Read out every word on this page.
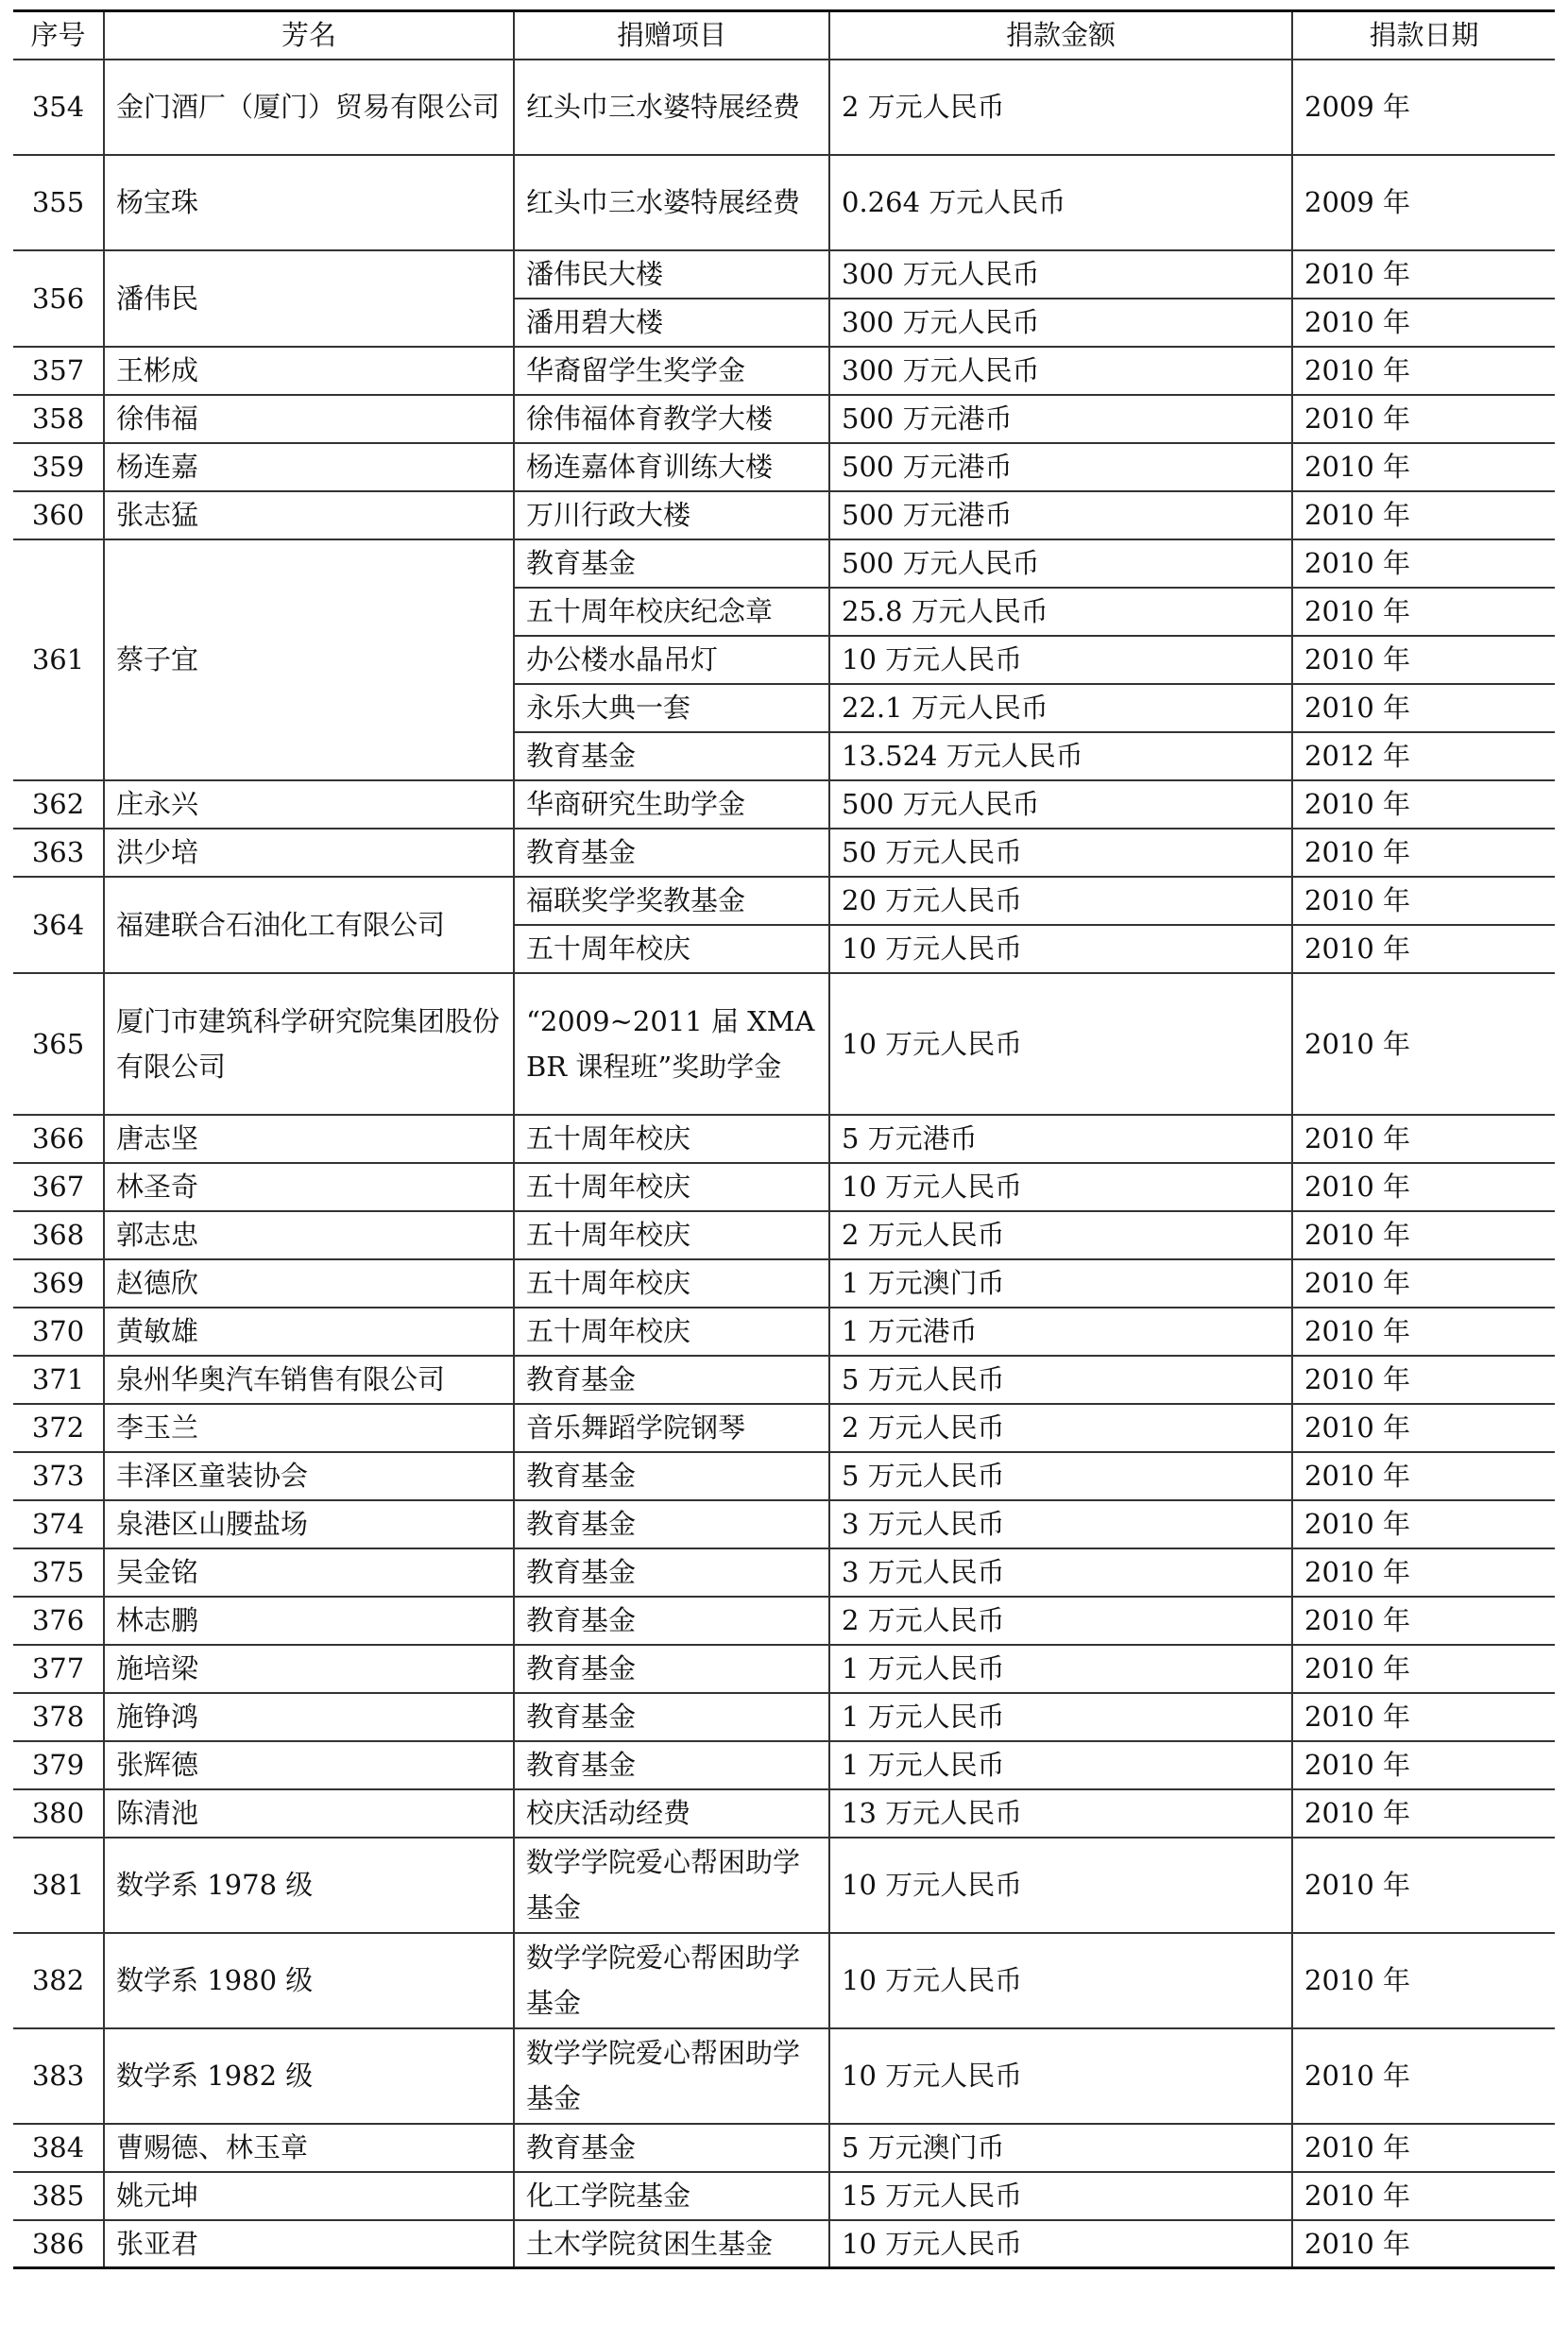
序号	芳名	捐赠项目	捐款金额	捐款日期
354	金门酒厂（厦门）贸易有限公司	红头巾三水婆特展经费	2 万元人民币	2009 年
355	杨宝珠	红头巾三水婆特展经费	0.264 万元人民币	2009 年
356	潘伟民	潘伟民大楼	300 万元人民币	2010 年
		潘用碧大楼	300 万元人民币	2010 年
357	王彬成	华裔留学生奖学金	300 万元人民币	2010 年
358	徐伟福	徐伟福体育教学大楼	500 万元港币	2010 年
359	杨连嘉	杨连嘉体育训练大楼	500 万元港币	2010 年
360	张志猛	万川行政大楼	500 万元港币	2010 年
361	蔡子宜	教育基金	500 万元人民币	2010 年
		五十周年校庆纪念章	25.8 万元人民币	2010 年
		办公楼水晶吊灯	10 万元人民币	2010 年
		永乐大典一套	22.1 万元人民币	2010 年
		教育基金	13.524 万元人民币	2012 年
362	庄永兴	华商研究生助学金	500 万元人民币	2010 年
363	洪少培	教育基金	50 万元人民币	2010 年
364	福建联合石油化工有限公司	福联奖学奖教基金	20 万元人民币	2010 年
		五十周年校庆	10 万元人民币	2010 年
365	厦门市建筑科学研究院集团股份有限公司	“2009~2011 届 XMABR 课程班”奖助学金	10 万元人民币	2010 年
366	唐志坚	五十周年校庆	5 万元港币	2010 年
367	林圣奇	五十周年校庆	10 万元人民币	2010 年
368	郭志忠	五十周年校庆	2 万元人民币	2010 年
369	赵德欣	五十周年校庆	1 万元澳门币	2010 年
370	黄敏雄	五十周年校庆	1 万元港币	2010 年
371	泉州华奥汽车销售有限公司	教育基金	5 万元人民币	2010 年
372	李玉兰	音乐舞蹈学院钢琴	2 万元人民币	2010 年
373	丰泽区童装协会	教育基金	5 万元人民币	2010 年
374	泉港区山腰盐场	教育基金	3 万元人民币	2010 年
375	吴金铭	教育基金	3 万元人民币	2010 年
376	林志鹏	教育基金	2 万元人民币	2010 年
377	施培梁	教育基金	1 万元人民币	2010 年
378	施铮鸿	教育基金	1 万元人民币	2010 年
379	张辉德	教育基金	1 万元人民币	2010 年
380	陈清池	校庆活动经费	13 万元人民币	2010 年
381	数学系 1978 级	数学学院爱心帮困助学基金	10 万元人民币	2010 年
382	数学系 1980 级	数学学院爱心帮困助学基金	10 万元人民币	2010 年
383	数学系 1982 级	数学学院爱心帮困助学基金	10 万元人民币	2010 年
384	曹赐德、林玉章	教育基金	5 万元澳门币	2010 年
385	姚元坤	化工学院基金	15 万元人民币	2010 年
386	张亚君	土木学院贫困生基金	10 万元人民币	2010 年
